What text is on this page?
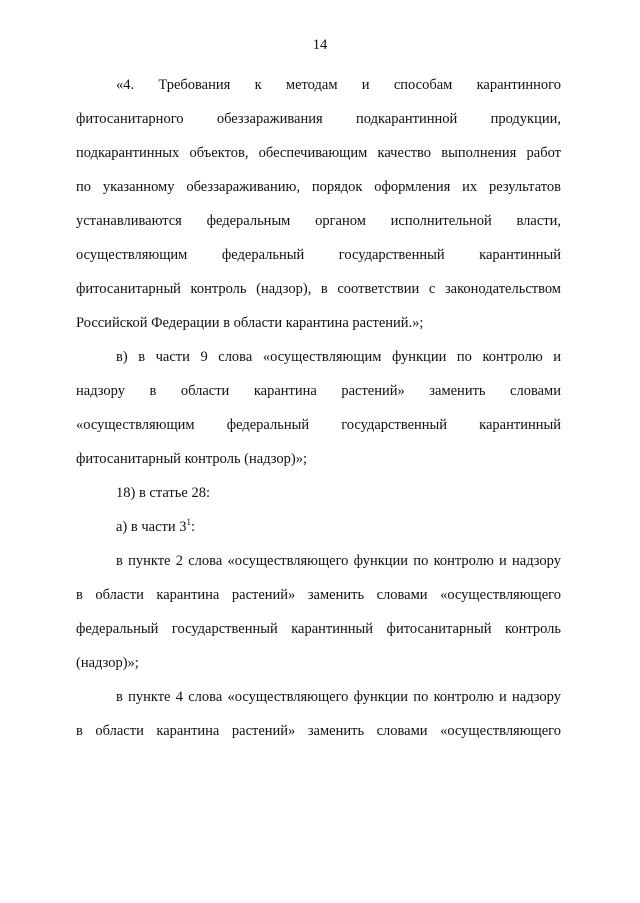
14

«4. Требования к методам и способам карантинного

фитосанитарного обеззараживания подкарантинной продукции,

подкарантинных объектов, обеспечивающим качество выполнения работ

по указанному обеззараживанию, порядок оформления их результатов

устанавливаются федеральным органом исполнительной власти,

осуществляющим федеральный государственный карантинный

фитосанитарный контроль (надзор), в соответствии с законодательством

Российской Федерации в области карантина растений.»;

в) в части 9 слова «осуществляющим функции по контролю и

надзору в области карантина растений» заменить словами

«осуществляющим федеральный государственный карантинный

фитосанитарный контроль (надзор)»;

18) в статье 28:

а) в части $3^1$:

в пункте 2 слова «осуществляющего функции по контролю и надзору

в области карантина растений» заменить словами «осуществляющего

федеральный государственный карантинный фитосанитарный контроль

(надзор)»;

в пункте 4 слова «осуществляющего функции по контролю и надзору

в области карантина растений» заменить словами «осуществляющего
